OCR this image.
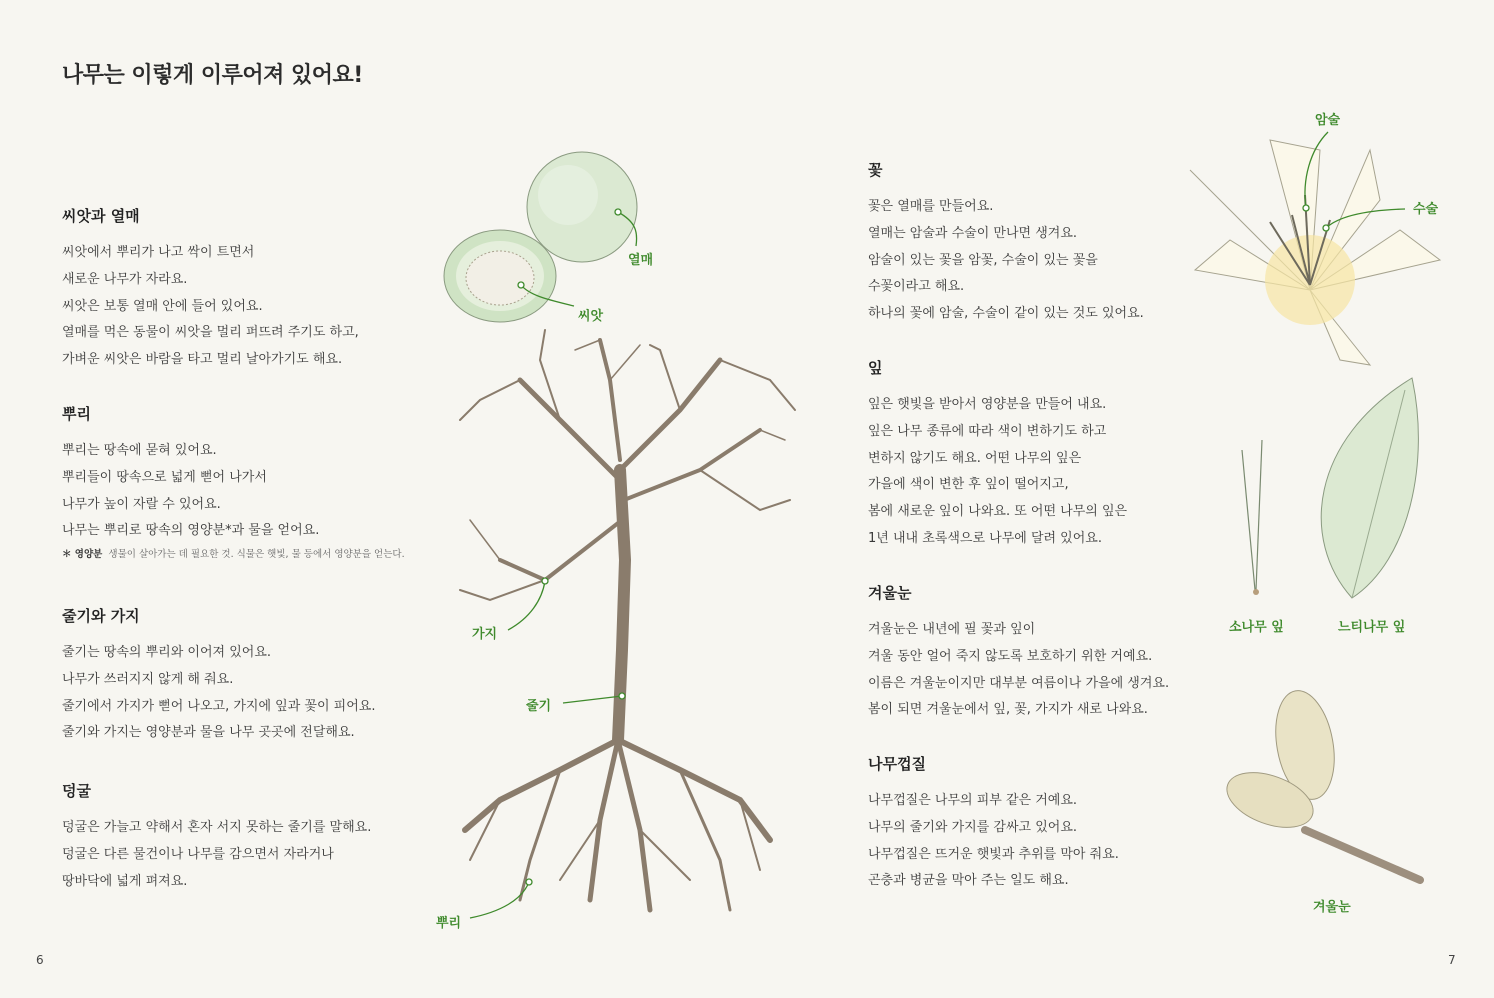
나무는 이렇게 이루어져 있어요!
씨앗과 열매

씨앗에서 뿌리가 나고 싹이 트면서

새로운 나무가 자라요.

씨앗은 보통 열매 안에 들어 있어요.

열매를 먹은 동물이 씨앗을 멀리 퍼뜨려 주기도 하고,

가벼운 씨앗은 바람을 타고 멀리 날아가기도 해요.

뿌리

뿌리는 땅속에 묻혀 있어요.

뿌리들이 땅속으로 넓게 뻗어 나가서

나무가 높이 자랄 수 있어요.

나무는 뿌리로 땅속의 영양분*과 물을 얻어요.

＊ 영양분 생물이 살아가는 데 필요한 것. 식물은 햇빛, 물 등에서 영양분을 얻는다.
줄기와 가지

줄기는 땅속의 뿌리와 이어져 있어요.

나무가 쓰러지지 않게 해 줘요.

줄기에서 가지가 뻗어 나오고, 가지에 잎과 꽃이 피어요.

줄기와 가지는 영양분과 물을 나무 곳곳에 전달해요.

덩굴

덩굴은 가늘고 약해서 혼자 서지 못하는 줄기를 말해요.

덩굴은 다른 물건이나 나무를 감으면서 자라거나

땅바닥에 넓게 펴져요.

꽃

꽃은 열매를 만들어요.

열매는 암술과 수술이 만나면 생겨요.

암술이 있는 꽃을 암꽃, 수술이 있는 꽃을

수꽃이라고 해요.

하나의 꽃에 암술, 수술이 같이 있는 것도 있어요.

잎

잎은 햇빛을 받아서 영양분을 만들어 내요.

잎은 나무 종류에 따라 색이 변하기도 하고

변하지 않기도 해요. 어떤 나무의 잎은

가을에 색이 변한 후 잎이 떨어지고,

봄에 새로운 잎이 나와요. 또 어떤 나무의 잎은

1년 내내 초록색으로 나무에 달려 있어요.

겨울눈

겨울눈은 내년에 필 꽃과 잎이

겨울 동안 얼어 죽지 않도록 보호하기 위한 거예요.

이름은 겨울눈이지만 대부분 여름이나 가을에 생겨요.

봄이 되면 겨울눈에서 잎, 꽃, 가지가 새로 나와요.

나무껍질

나무껍질은 나무의 피부 같은 거예요.

나무의 줄기와 가지를 감싸고 있어요.

나무껍질은 뜨거운 햇빛과 추위를 막아 줘요.

곤충과 병균을 막아 주는 일도 해요.

열매
씨앗
가지
줄기
뿌리
암술
수술
소나무 잎	느티나무 잎
겨울눈
6	7
